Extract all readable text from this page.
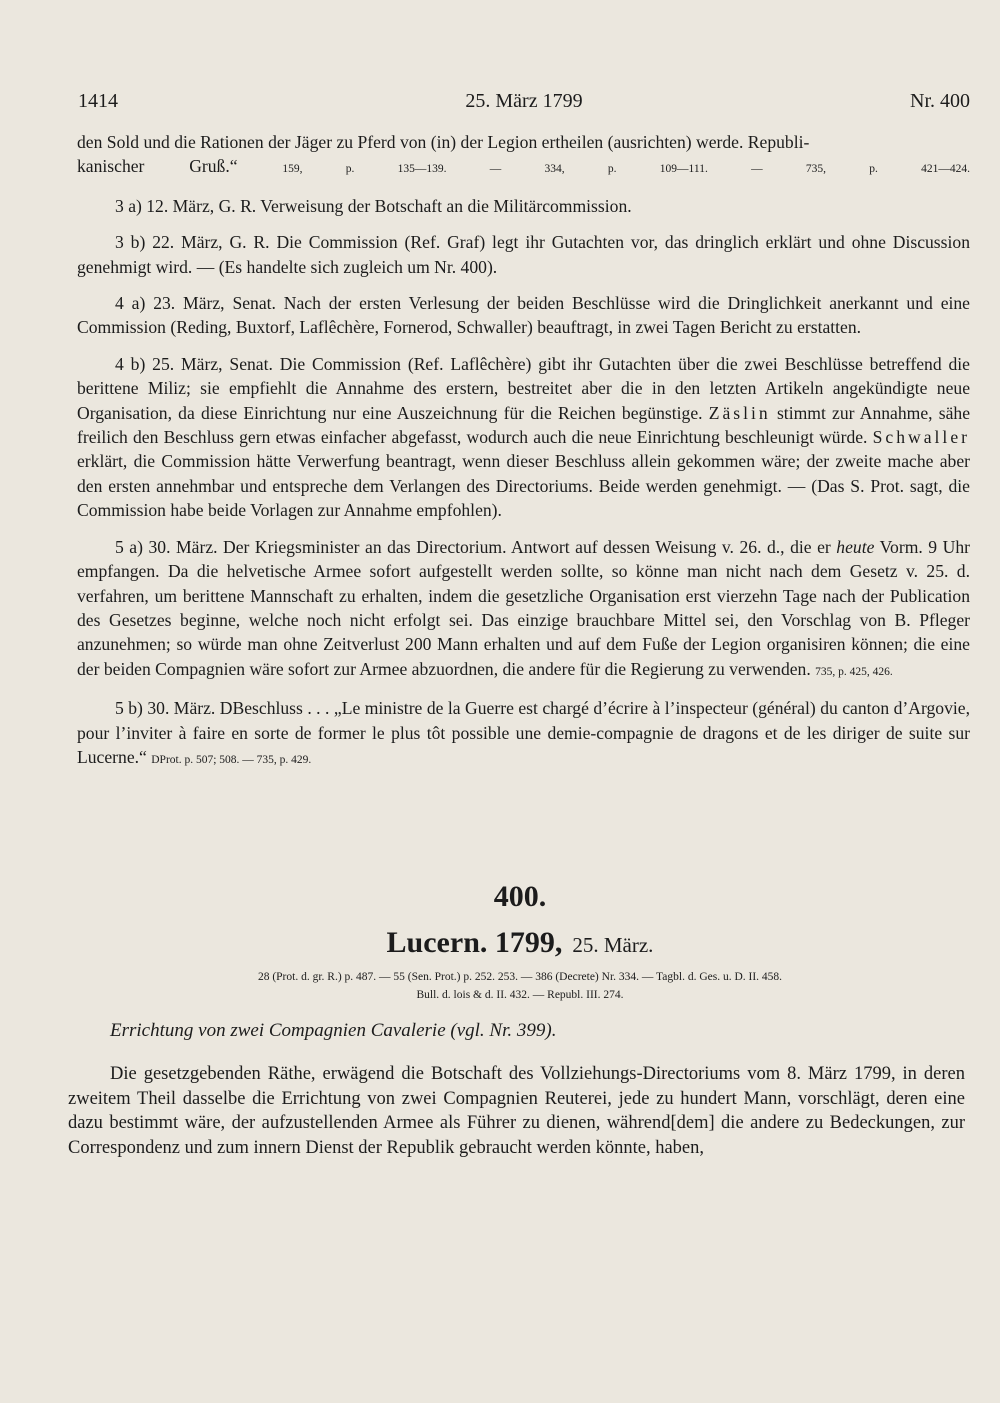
1414	25. März 1799	Nr. 400

den Sold und die Rationen der Jäger zu Pferd von (in) der Legion ertheilen (ausrichten) werde. Republi-

kanischer Gruß.“	159, p. 135—139. — 334, p. 109—111. — 735, p. 421—424.

3 a) 12. März, G. R. Verweisung der Botschaft an die Militärcommission.

3 b) 22. März, G. R. Die Commission (Ref. Graf) legt ihr Gutachten vor, das dringlich erklärt und ohne Discussion genehmigt wird. — (Es handelte sich zugleich um Nr. 400).

4 a) 23. März, Senat. Nach der ersten Verlesung der beiden Beschlüsse wird die Dringlichkeit anerkannt und eine Commission (Reding, Buxtorf, Laflêchère, Fornerod, Schwaller) beauftragt, in zwei Tagen Bericht zu erstatten.

4 b) 25. März, Senat. Die Commission (Ref. Laflêchère) gibt ihr Gutachten über die zwei Beschlüsse betreffend die berittene Miliz; sie empfiehlt die Annahme des erstern, bestreitet aber die in den letzten Artikeln angekündigte neue Organisation, da diese Einrichtung nur eine Auszeichnung für die Reichen begünstige. Zäslin stimmt zur Annahme, sähe freilich den Beschluss gern etwas einfacher abgefasst, wodurch auch die neue Einrichtung beschleunigt würde. Schwaller erklärt, die Commission hätte Verwerfung beantragt, wenn dieser Beschluss allein gekommen wäre; der zweite mache aber den ersten annehmbar und entspreche dem Verlangen des Directoriums. Beide werden genehmigt. — (Das S. Prot. sagt, die Commission habe beide Vorlagen zur Annahme empfohlen).

5 a) 30. März. Der Kriegsminister an das Directorium. Antwort auf dessen Weisung v. 26. d., die er heute Vorm. 9 Uhr empfangen. Da die helvetische Armee sofort aufgestellt werden sollte, so könne man nicht nach dem Gesetz v. 25. d. verfahren, um berittene Mannschaft zu erhalten, indem die gesetzliche Organisation erst vierzehn Tage nach der Publication des Gesetzes beginne, welche noch nicht erfolgt sei. Das einzige brauchbare Mittel sei, den Vorschlag von B. Pfleger anzunehmen; so würde man ohne Zeitverlust 200 Mann erhalten und auf dem Fuße der Legion organisiren können; die eine der beiden Compagnien wäre sofort zur Armee abzuordnen, die andere für die Regierung zu verwenden. 735, p. 425, 426.

5 b) 30. März. DBeschluss . . . „Le ministre de la Guerre est chargé d’écrire à l’inspecteur (général) du canton d’Argovie, pour l’inviter à faire en sorte de former le plus tôt possible une demie-compagnie de dragons et de les diriger de suite sur Lucerne.“ DProt. p. 507; 508. — 735, p. 429.

400.
Lucern. 1799, 25. März.
28 (Prot. d. gr. R.) p. 487. — 55 (Sen. Prot.) p. 252. 253. — 386 (Decrete) Nr. 334. — Tagbl. d. Ges. u. D. II. 458.
Bull. d. lois & d. II. 432. — Republ. III. 274.
Errichtung von zwei Compagnien Cavalerie (vgl. Nr. 399).
Die gesetzgebenden Räthe, erwägend die Botschaft des Vollziehungs-Directoriums vom 8. März 1799, in deren zweitem Theil dasselbe die Errichtung von zwei Compagnien Reuterei, jede zu hundert Mann, vorschlägt, deren eine dazu bestimmt wäre, der aufzustellenden Armee als Führer zu dienen, während[dem] die andere zu Bedeckungen, zur Correspondenz und zum innern Dienst der Republik gebraucht werden könnte, haben,
